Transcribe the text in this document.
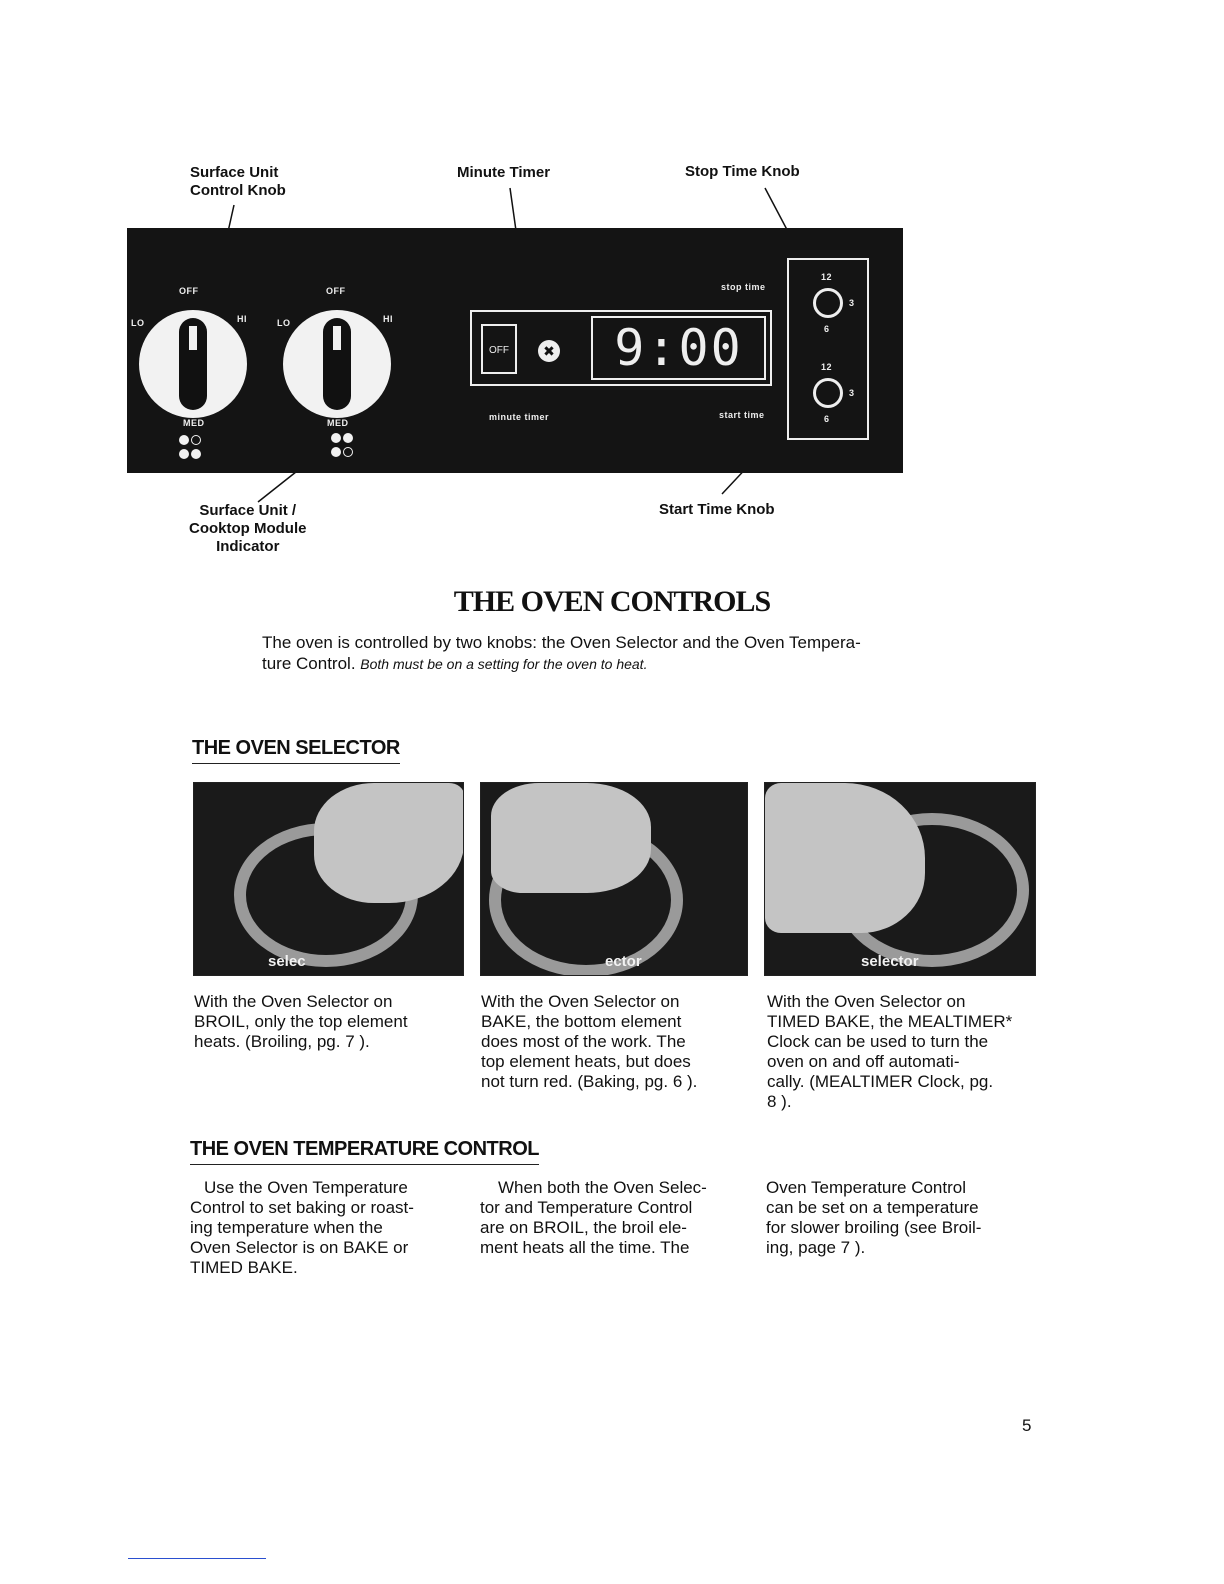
Surface Unit
Control Knob
Minute Timer	Stop Time Knob
Surface Unit /
Cooktop Module
Indicator
Start Time Knob
OFF
MED
HI
LO
OFF
MED
HI
LO
OFF	✖	9:00
stop time
start time
minute timer
12
3
6
12
3
6
THE OVEN CONTROLS
The oven is controlled by two knobs: the Oven Selector and the Oven Tempera-
ture Control. Both must be on a setting for the oven to heat.
THE OVEN SELECTOR
selec	ector	selector
With the Oven Selector on
BROIL, only the top element
heats. (Broiling, pg. 7 ).
With the Oven Selector on
BAKE, the bottom element
does most of the work. The
top element heats, but does
not turn red. (Baking, pg. 6 ).
With the Oven Selector on
TIMED BAKE, the MEALTIMER*
Clock can be used to turn the
oven on and off automati-
cally. (MEALTIMER Clock, pg.
8 ).
THE OVEN TEMPERATURE CONTROL
Use the Oven Temperature
Control to set baking or roast-
ing temperature when the
Oven Selector is on BAKE or
TIMED BAKE.
When both the Oven Selec-
tor and Temperature Control
are on BROIL, the broil ele-
ment heats all the time. The
Oven Temperature Control
can be set on a temperature
for slower broiling (see Broil-
ing, page 7 ).
5
